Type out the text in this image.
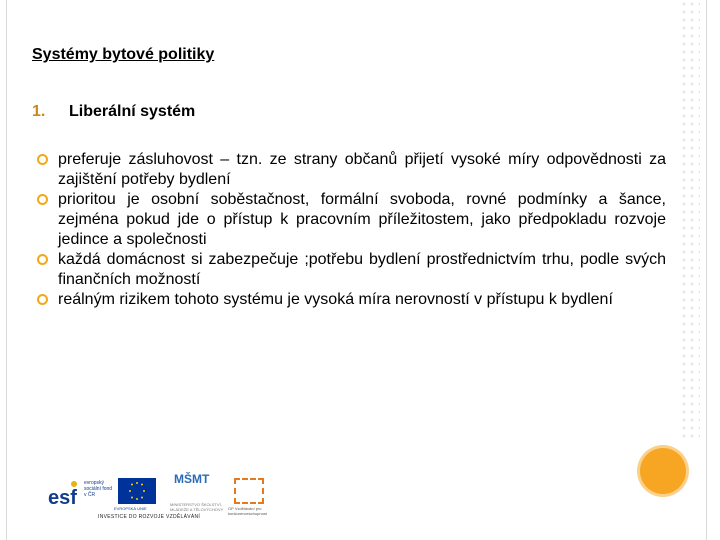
Systémy bytové politiky
1. Liberální systém
preferuje zásluhovost – tzn. ze strany občanů přijetí vysoké míry odpovědnosti za zajištění potřeby bydlení
prioritou je osobní soběstačnost, formální svoboda, rovné podmínky a šance, zejména pokud jde o přístup k pracovním příležitostem, jako předpokladu rozvoje jedince a společnosti
každá domácnost si zabezpečuje ;potřebu bydlení prostřednictvím trhu, podle svých finančních možností
reálným rizikem tohoto systému je vysoká míra nerovností v přístupu k bydlení
esf
evropský sociální fond v ČR
EVROPSKÁ UNIE
MŠMT
MINISTERSTVO ŠKOLSTVÍ, MLÁDEŽE A TĚLOVÝCHOVY	OP Vzdělávání pro konkurenceschopnost
INVESTICE DO ROZVOJE VZDĚLÁVÁNÍ
